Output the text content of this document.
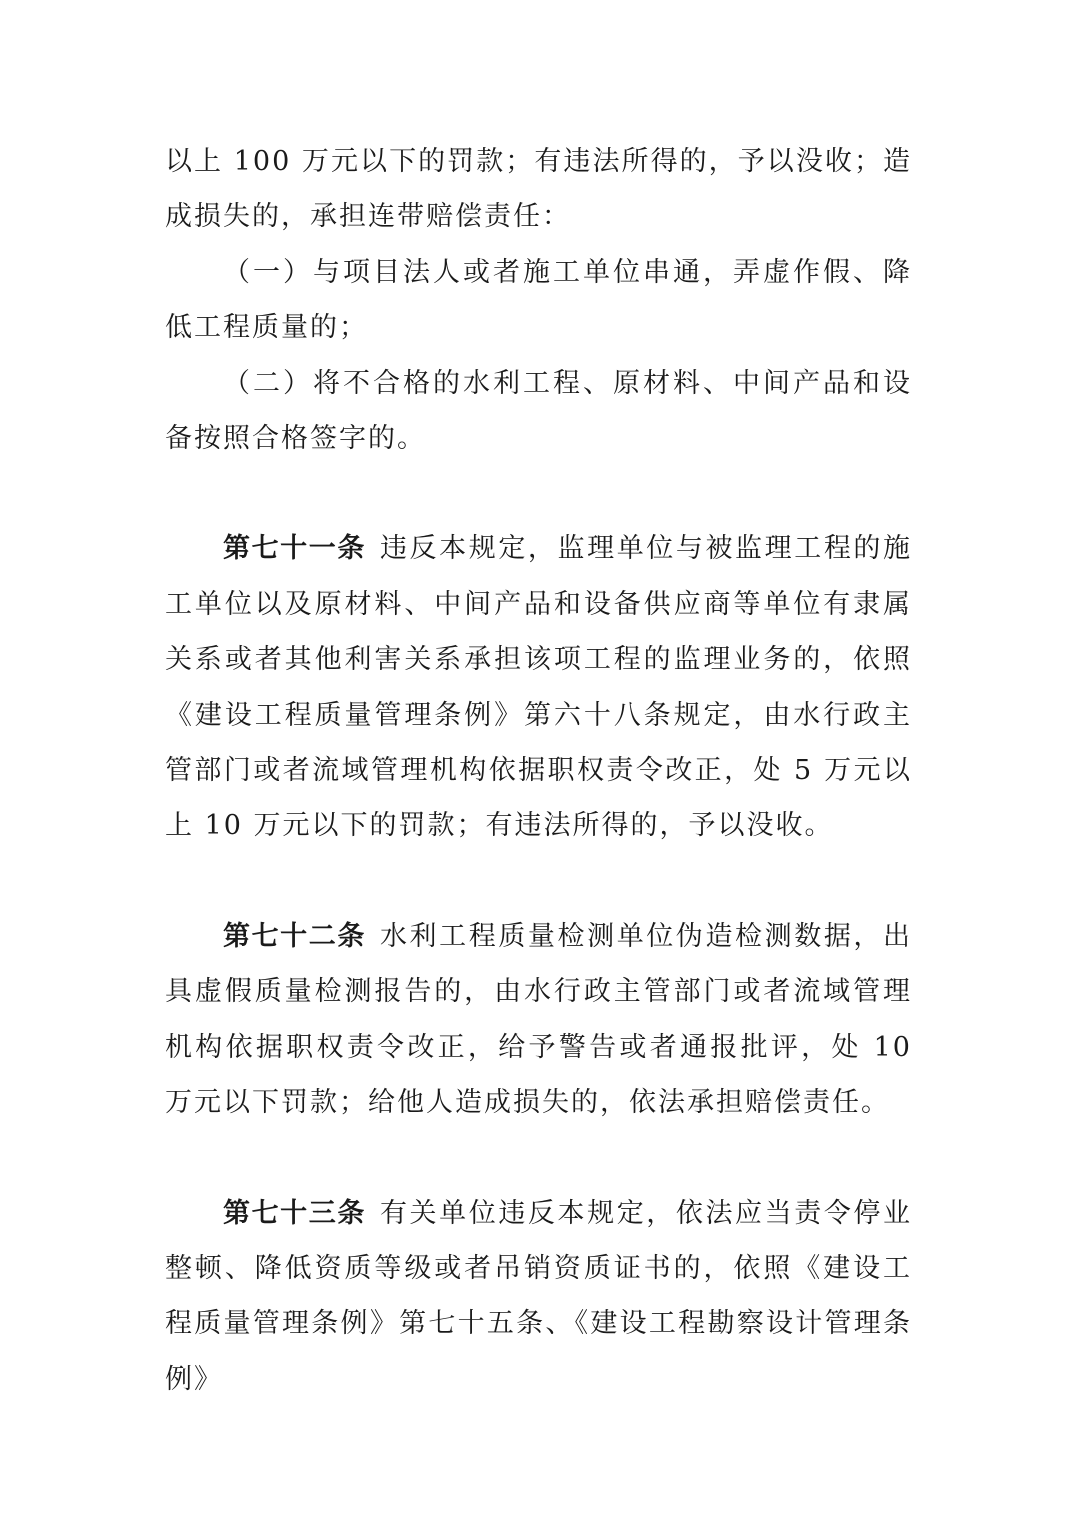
以上 100 万元以下的罚款；有违法所得的，予以没收；造成损失的，承担连带赔偿责任：

（一）与项目法人或者施工单位串通，弄虚作假、降低工程质量的；

（二）将不合格的水利工程、原材料、中间产品和设备按照合格签字的。

第七十一条 违反本规定，监理单位与被监理工程的施工单位以及原材料、中间产品和设备供应商等单位有隶属关系或者其他利害关系承担该项工程的监理业务的，依照《建设工程质量管理条例》第六十八条规定，由水行政主管部门或者流域管理机构依据职权责令改正，处 5 万元以上 10 万元以下的罚款；有违法所得的，予以没收。

第七十二条 水利工程质量检测单位伪造检测数据，出具虚假质量检测报告的，由水行政主管部门或者流域管理机构依据职权责令改正，给予警告或者通报批评，处 10 万元以下罚款；给他人造成损失的，依法承担赔偿责任。

第七十三条 有关单位违反本规定，依法应当责令停业整顿、降低资质等级或者吊销资质证书的，依照《建设工程质量管理条例》第七十五条、《建设工程勘察设计管理条例》
